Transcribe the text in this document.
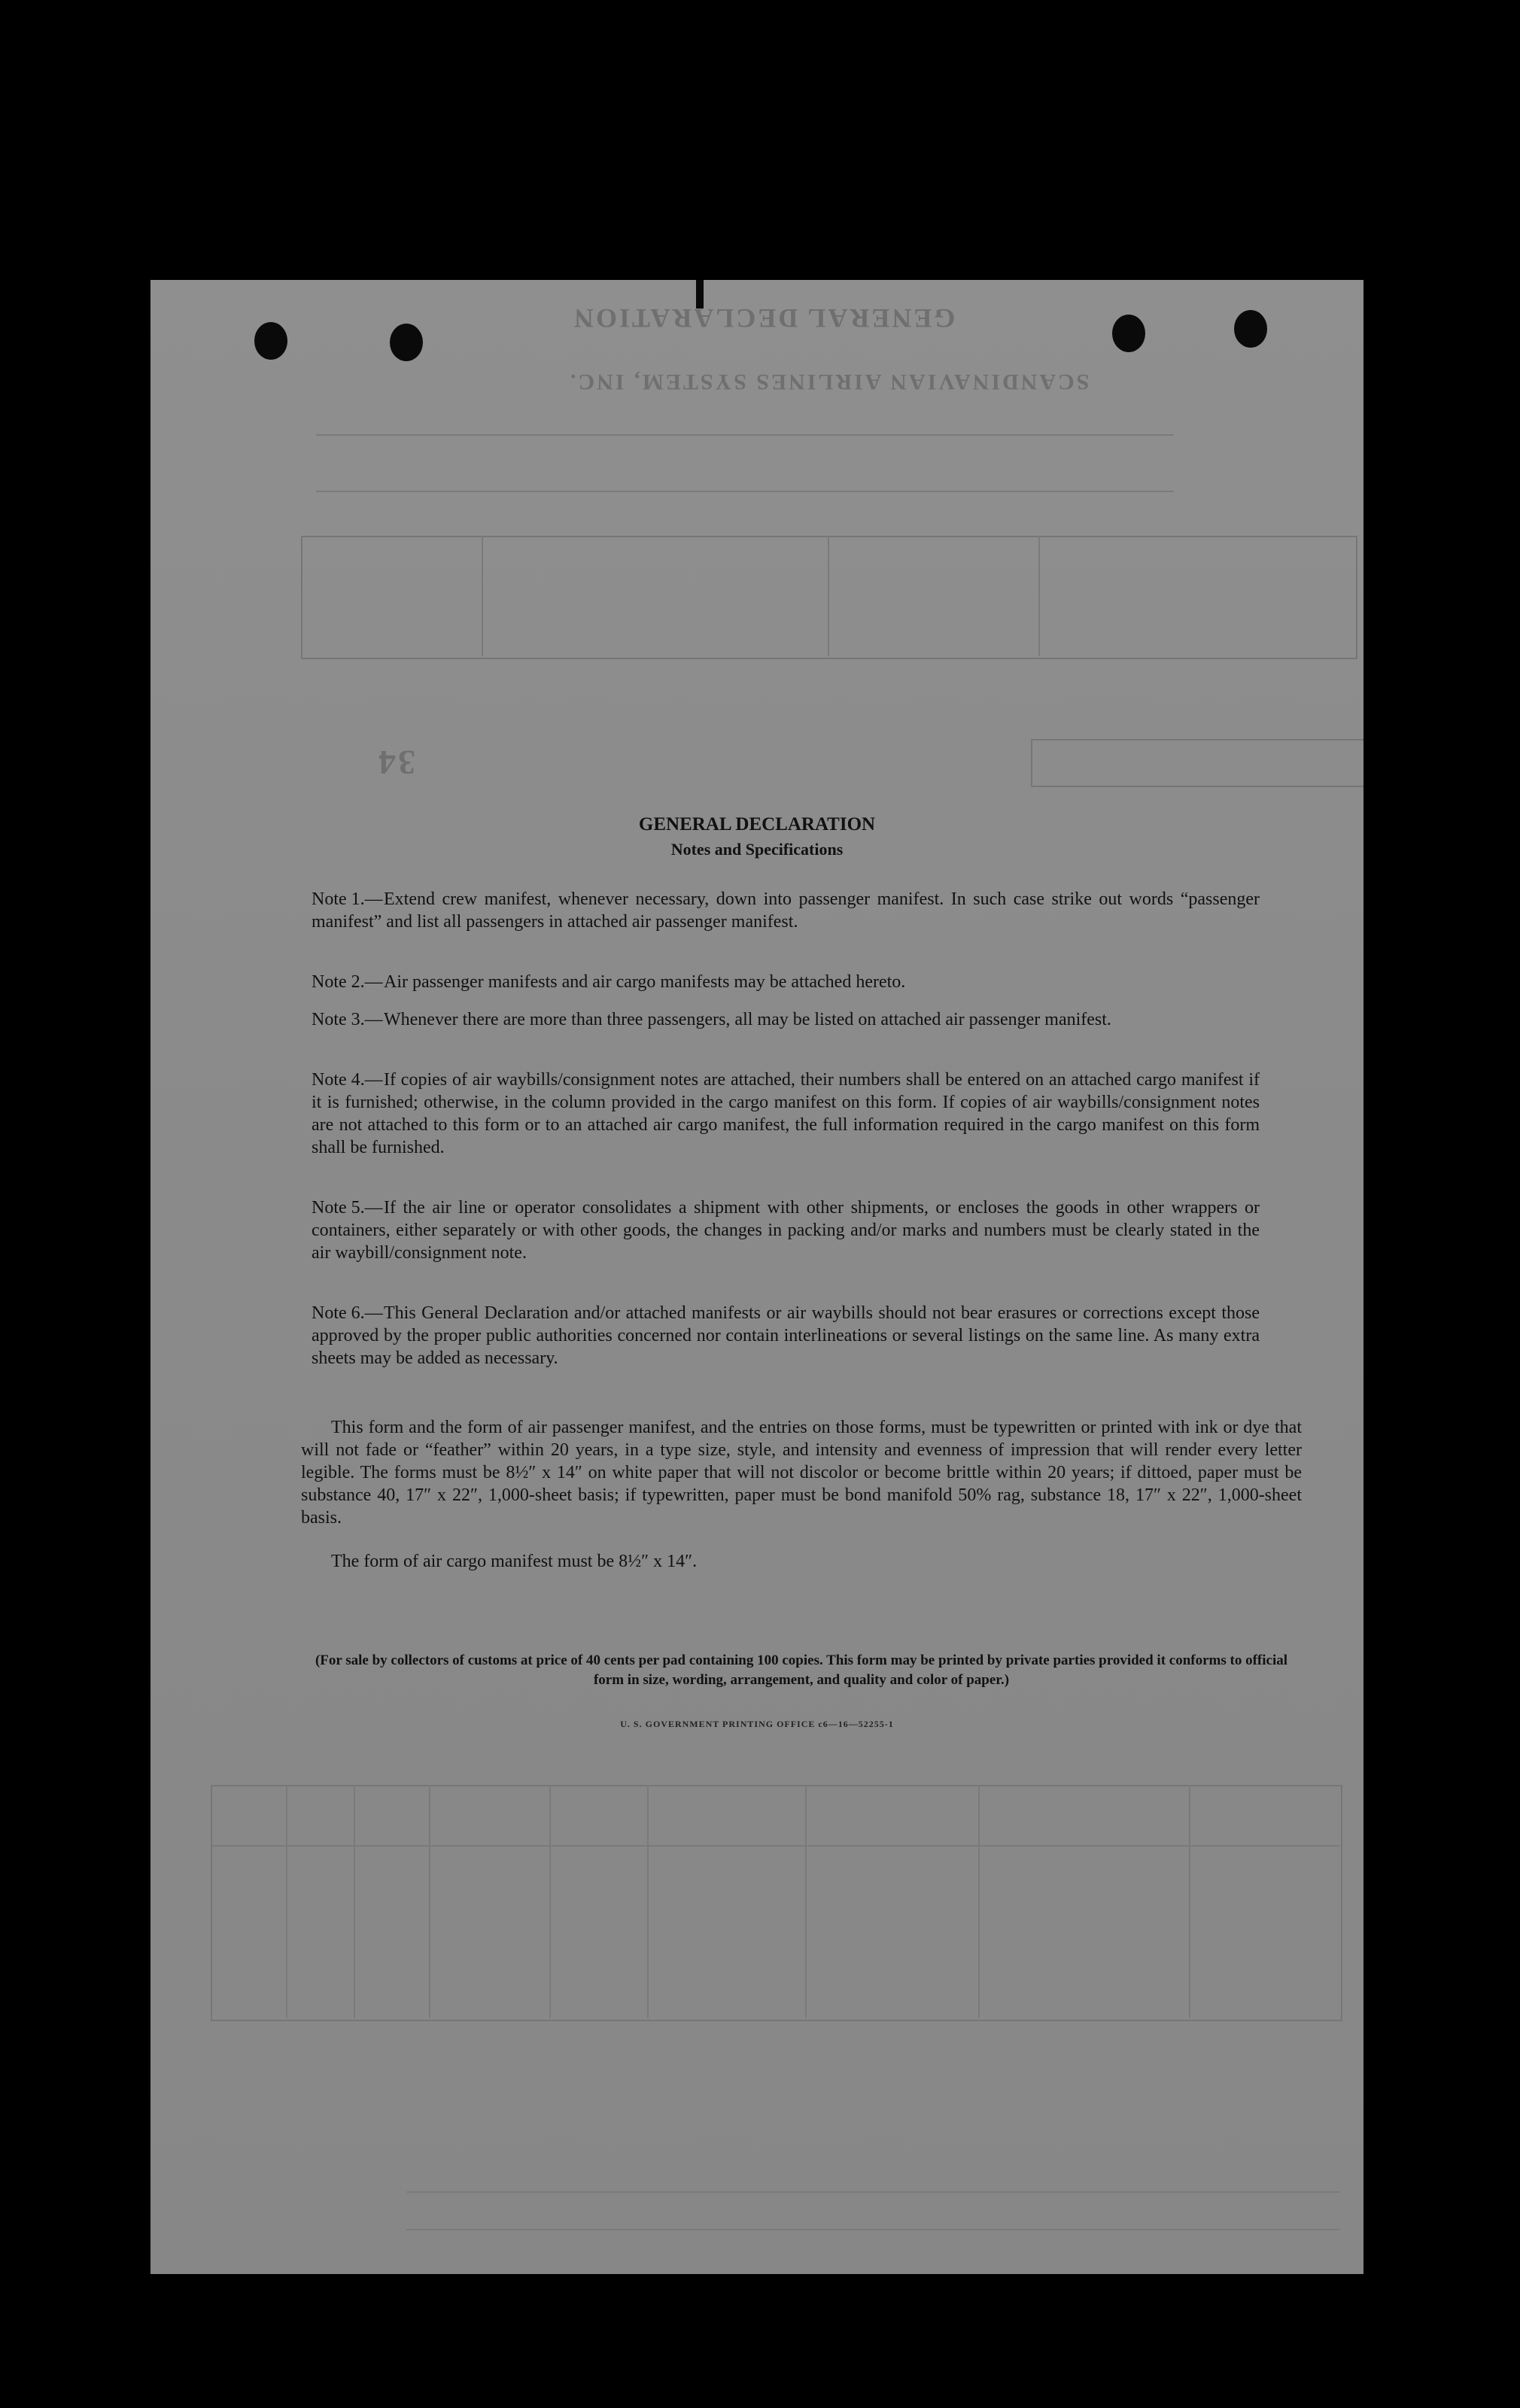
GENERAL DECLARATION
SCANDINAVIAN AIRLINES SYSTEM, INC.
34
GENERAL DECLARATION
Notes and Specifications
Note 1.— Extend crew manifest, whenever necessary, down into passenger manifest. In such case strike out words “passenger manifest” and list all passengers in attached air passenger manifest.
Note 2.— Air passenger manifests and air cargo manifests may be attached hereto.
Note 3.— Whenever there are more than three passengers, all may be listed on attached air passenger manifest.
Note 4.— If copies of air waybills/consignment notes are attached, their numbers shall be entered on an attached cargo manifest if it is furnished; otherwise, in the column provided in the cargo manifest on this form. If copies of air waybills/consignment notes are not attached to this form or to an attached air cargo manifest, the full information required in the cargo manifest on this form shall be furnished.
Note 5.— If the air line or operator consolidates a shipment with other shipments, or encloses the goods in other wrappers or containers, either separately or with other goods, the changes in packing and/or marks and numbers must be clearly stated in the air waybill/consignment note.
Note 6.— This General Declaration and/or attached manifests or air waybills should not bear erasures or corrections except those approved by the proper public authorities concerned nor contain interlineations or several listings on the same line. As many extra sheets may be added as necessary.
This form and the form of air passenger manifest, and the entries on those forms, must be typewritten or printed with ink or dye that will not fade or “feather” within 20 years, in a type size, style, and intensity and evenness of impression that will render every letter legible. The forms must be 8½″ x 14″ on white paper that will not discolor or become brittle within 20 years; if dittoed, paper must be substance 40, 17″ x 22″, 1,000-sheet basis; if typewritten, paper must be bond manifold 50% rag, substance 18, 17″ x 22″, 1,000-sheet basis.
The form of air cargo manifest must be 8½″ x 14″.
(For sale by collectors of customs at price of 40 cents per pad containing 100 copies. This form may be printed by private parties provided it conforms to official form in size, wording, arrangement, and quality and color of paper.)
U. S. GOVERNMENT PRINTING OFFICE c6—16—52255-1
